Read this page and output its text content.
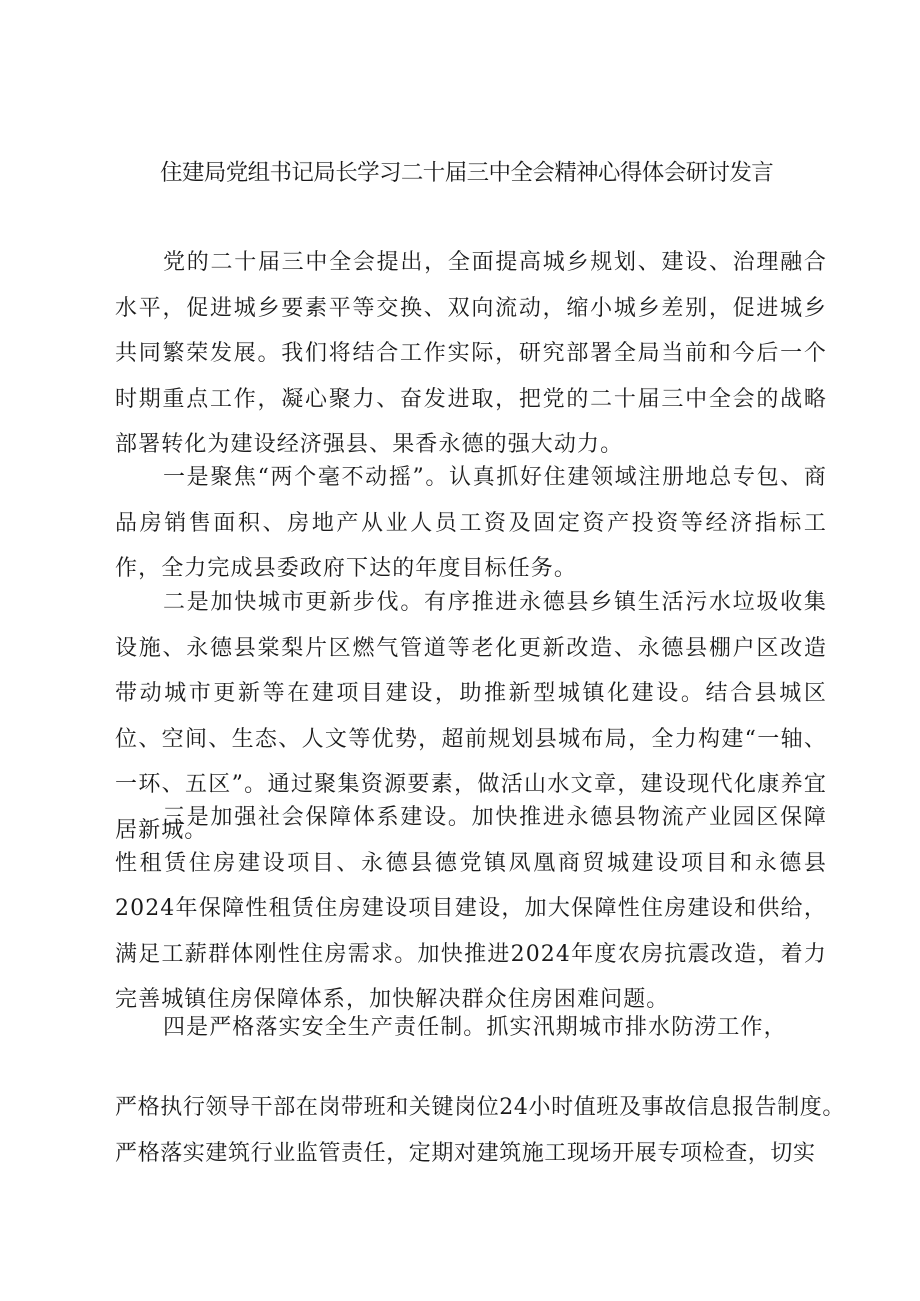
住建局党组书记局长学习二十届三中全会精神心得体会研讨发言

党的二十届三中全会提出，全面提高城乡规划、建设、治理融合水平，促进城乡要素平等交换、双向流动，缩小城乡差别，促进城乡共同繁荣发展。我们将结合工作实际，研究部署全局当前和今后一个时期重点工作，凝心聚力、奋发进取，把党的二十届三中全会的战略部署转化为建设经济强县、果香永德的强大动力。

一是聚焦“两个毫不动摇”。认真抓好住建领域注册地总专包、商品房销售面积、房地产从业人员工资及固定资产投资等经济指标工作，全力完成县委政府下达的年度目标任务。

二是加快城市更新步伐。有序推进永德县乡镇生活污水垃圾收集设施、永德县棠梨片区燃气管道等老化更新改造、永德县棚户区改造带动城市更新等在建项目建设，助推新型城镇化建设。结合县城区位、空间、生态、人文等优势，超前规划县城布局，全力构建“一轴、一环、五区”。通过聚集资源要素，做活山水文章，建设现代化康养宜居新城。

三是加强社会保障体系建设。加快推进永德县物流产业园区保障性租赁住房建设项目、永德县德党镇凤凰商贸城建设项目和永德县2024年保障性租赁住房建设项目建设，加大保障性住房建设和供给，满足工薪群体刚性住房需求。加快推进2024年度农房抗震改造，着力完善城镇住房保障体系，加快解决群众住房困难问题。

四是严格落实安全生产责任制。抓实汛期城市排水防涝工作，

严格执行领导干部在岗带班和关键岗位24小时值班及事故信息报告制度。严格落实建筑行业监管责任，定期对建筑施工现场开展专项检查，切实
